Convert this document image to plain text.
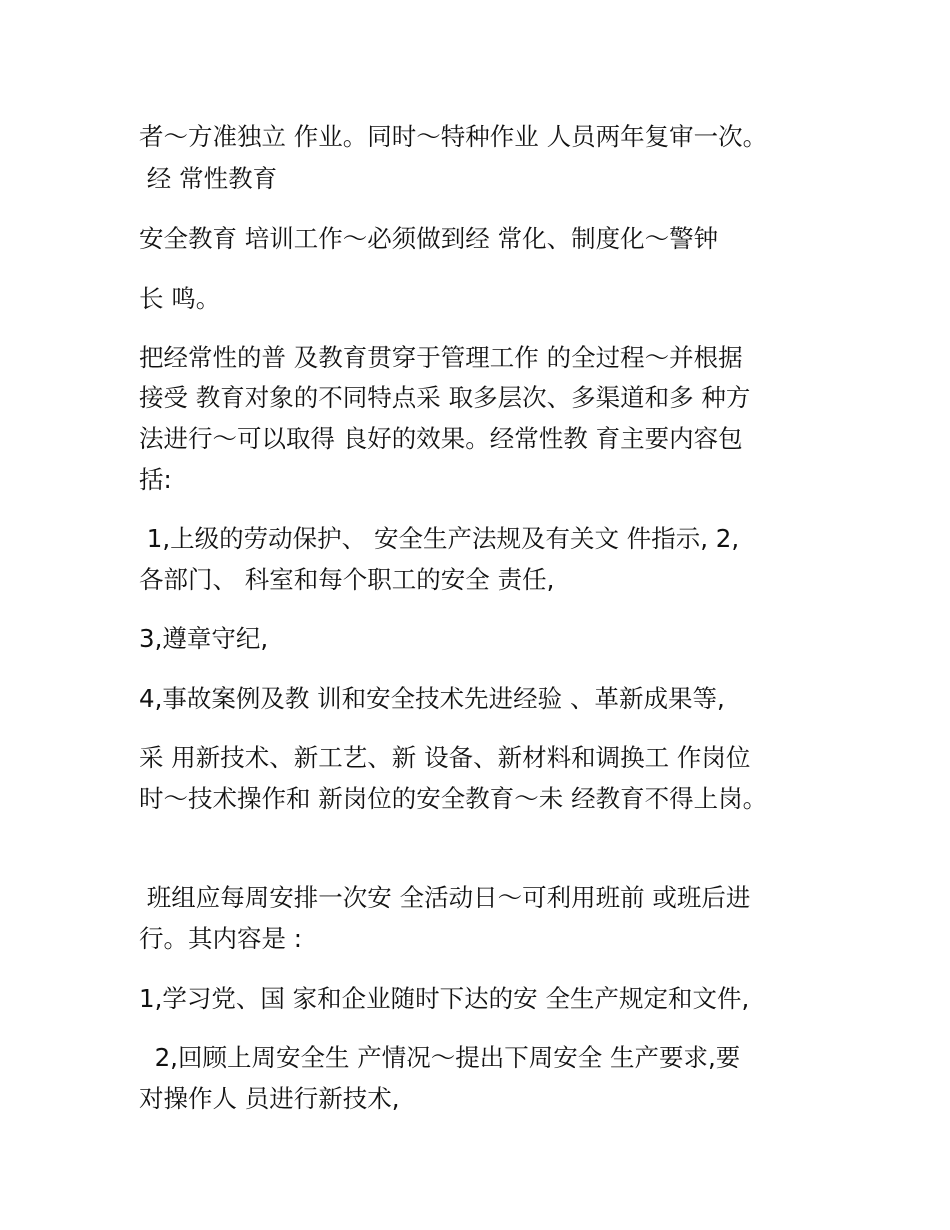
者～方准独立 作业。同时～特种作业 人员两年复审一次。

经 常性教育

安全教育 培训工作～必须做到经 常化、制度化～警钟

长 鸣。

把经常性的普 及教育贯穿于管理工作 的全过程～并根据

接受 教育对象的不同特点采 取多层次、多渠道和多 种方

法进行～可以取得 良好的效果。经常性教 育主要内容包

括:

1,上级的劳动保护、 安全生产法规及有关文 件指示, 2,

各部门、 科室和每个职工的安全 责任,

3,遵章守纪,

4,事故案例及教 训和安全技术先进经验 、革新成果等,

采 用新技术、新工艺、新 设备、新材料和调换工 作岗位

时～技术操作和 新岗位的安全教育～未 经教育不得上岗。

班组应每周安排一次安 全活动日～可利用班前 或班后进

行。其内容是 :

1,学习党、国 家和企业随时下达的安 全生产规定和文件,

2,回顾上周安全生 产情况～提出下周安全 生产要求,要

对操作人 员进行新技术,
